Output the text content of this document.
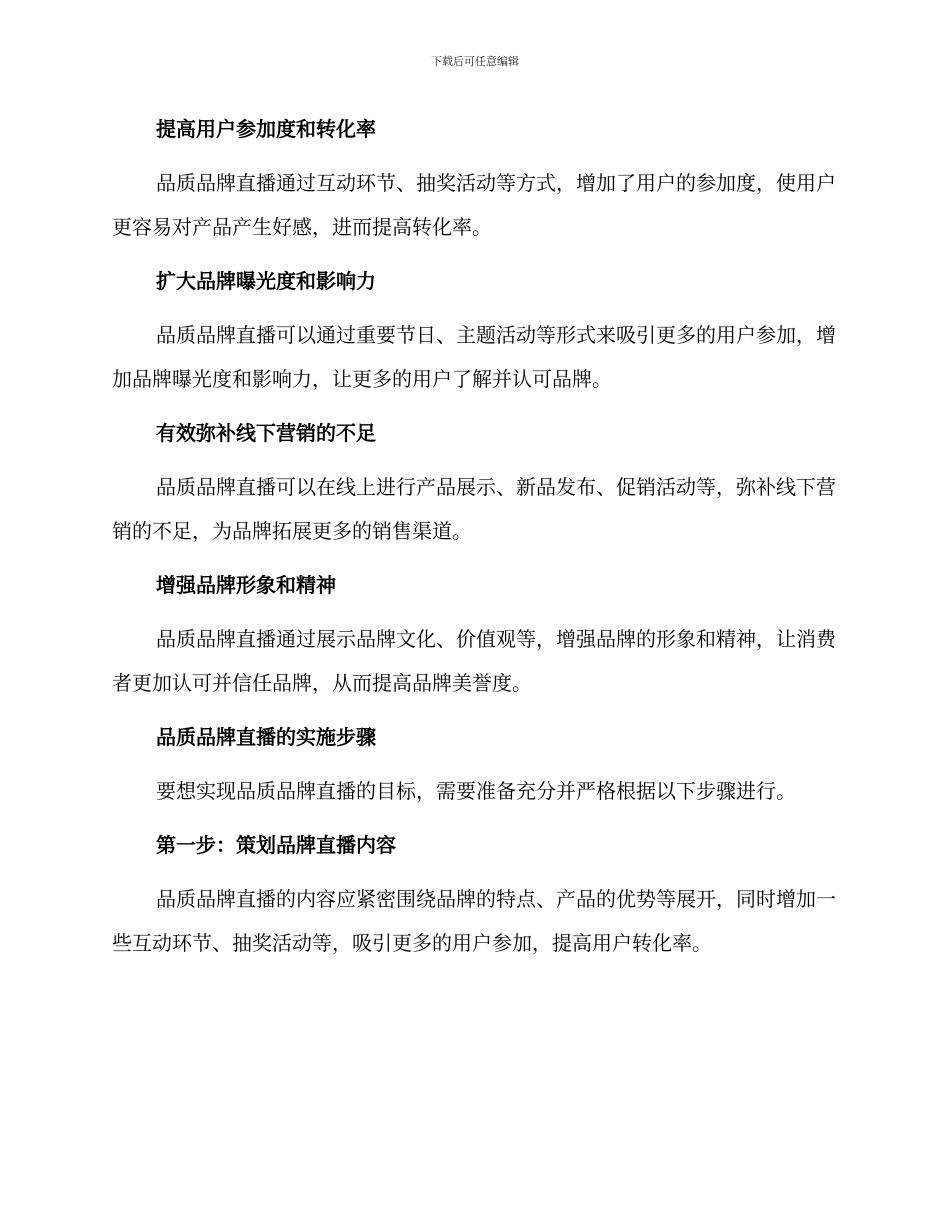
下载后可任意编辑
提高用户参加度和转化率

品质品牌直播通过互动环节、抽奖活动等方式，增加了用户的参加度，使用户更容易对产品产生好感，进而提高转化率。

扩大品牌曝光度和影响力

品质品牌直播可以通过重要节日、主题活动等形式来吸引更多的用户参加，增加品牌曝光度和影响力，让更多的用户了解并认可品牌。

有效弥补线下营销的不足

品质品牌直播可以在线上进行产品展示、新品发布、促销活动等，弥补线下营销的不足，为品牌拓展更多的销售渠道。

增强品牌形象和精神

品质品牌直播通过展示品牌文化、价值观等，增强品牌的形象和精神，让消费者更加认可并信任品牌，从而提高品牌美誉度。

品质品牌直播的实施步骤

要想实现品质品牌直播的目标，需要准备充分并严格根据以下步骤进行。

第一步：策划品牌直播内容

品质品牌直播的内容应紧密围绕品牌的特点、产品的优势等展开，同时增加一些互动环节、抽奖活动等，吸引更多的用户参加，提高用户转化率。
